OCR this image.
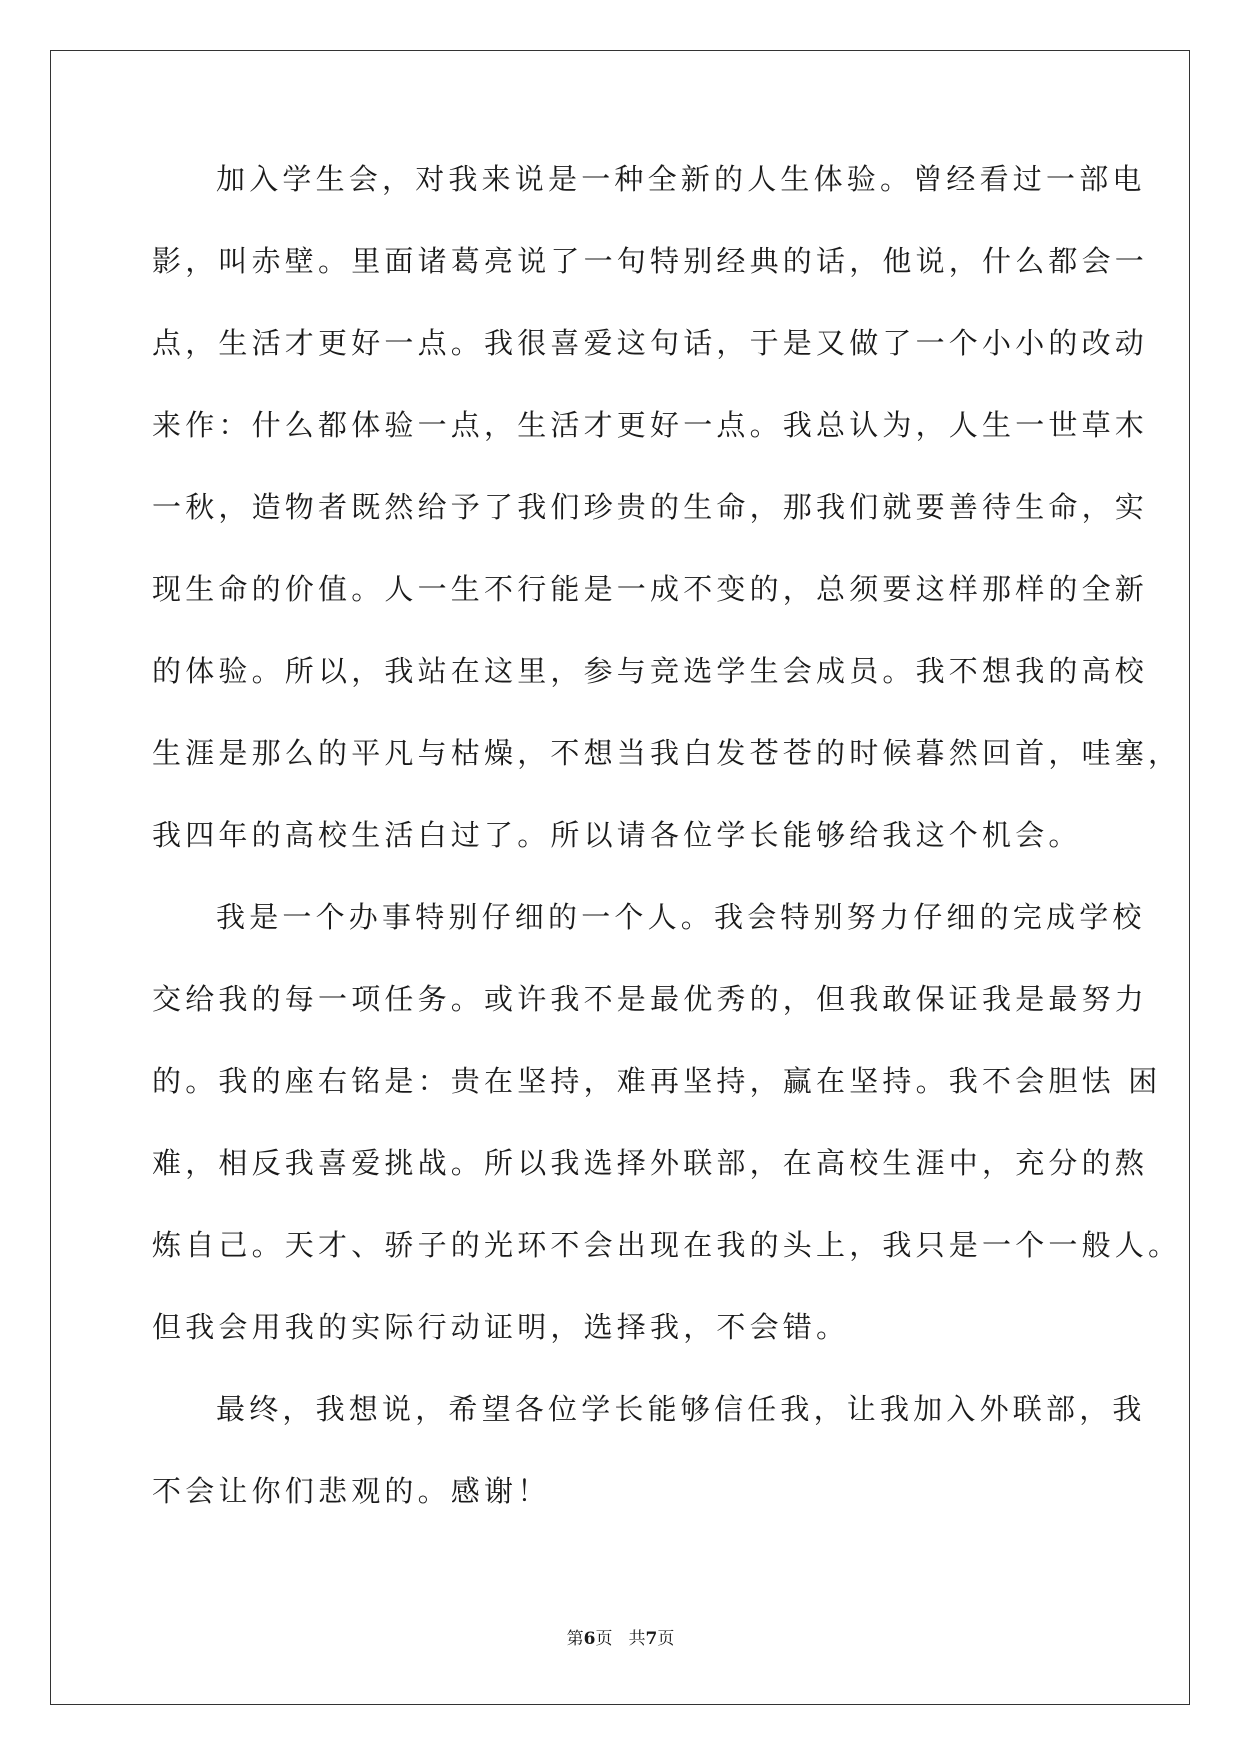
加入学生会，对我来说是一种全新的人生体验。曾经看过一部电
影，叫赤壁。里面诸葛亮说了一句特别经典的话，他说，什么都会一
点，生活才更好一点。我很喜爱这句话，于是又做了一个小小的改动
来作：什么都体验一点，生活才更好一点。我总认为，人生一世草木
一秋，造物者既然给予了我们珍贵的生命，那我们就要善待生命，实
现生命的价值。人一生不行能是一成不变的，总须要这样那样的全新
的体验。所以，我站在这里，参与竞选学生会成员。我不想我的高校
生涯是那么的平凡与枯燥，不想当我白发苍苍的时候暮然回首，哇塞，
我四年的高校生活白过了。所以请各位学长能够给我这个机会。
我是一个办事特别仔细的一个人。我会特别努力仔细的完成学校
交给我的每一项任务。或许我不是最优秀的，但我敢保证我是最努力
的。我的座右铭是：贵在坚持，难再坚持，赢在坚持。我不会胆怯 困
难，相反我喜爱挑战。所以我选择外联部，在高校生涯中，充分的熬
炼自己。天才、骄子的光环不会出现在我的头上，我只是一个一般人。
但我会用我的实际行动证明，选择我，不会错。
最终，我想说，希望各位学长能够信任我，让我加入外联部，我
不会让你们悲观的。感谢！
第6页 共7页
